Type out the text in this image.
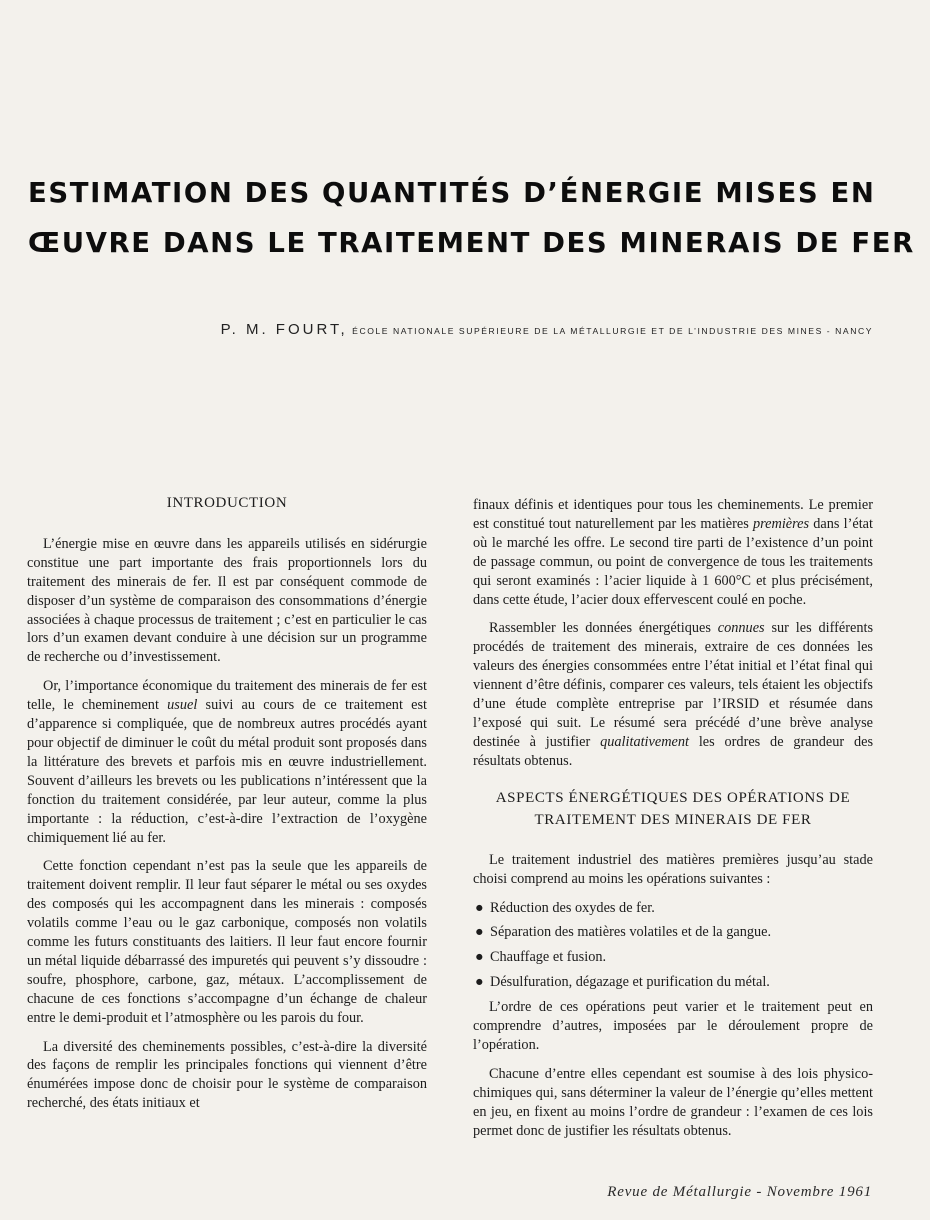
ESTIMATION DES QUANTITÉS D’ÉNERGIE MISES EN
ŒUVRE DANS LE TRAITEMENT DES MINERAIS DE FER
P. M. FOURT, ÉCOLE NATIONALE SUPÉRIEURE DE LA MÉTALLURGIE ET DE L’INDUSTRIE DES MINES - NANCY
INTRODUCTION

L’énergie mise en œuvre dans les appareils utilisés en sidérurgie constitue une part importante des frais proportionnels lors du traitement des minerais de fer. Il est par conséquent commode de disposer d’un système de comparaison des consommations d’énergie associées à chaque processus de traitement ; c’est en particulier le cas lors d’un examen devant conduire à une décision sur un programme de recherche ou d’investissement.

Or, l’importance économique du traitement des minerais de fer est telle, le cheminement usuel suivi au cours de ce traitement est d’apparence si compliquée, que de nombreux autres procédés ayant pour objectif de diminuer le coût du métal produit sont proposés dans la littérature des brevets et parfois mis en œuvre industriellement. Souvent d’ailleurs les brevets ou les publications n’intéressent que la fonction du traitement considérée, par leur auteur, comme la plus importante : la réduction, c’est-à-dire l’extraction de l’oxygène chimiquement lié au fer.

Cette fonction cependant n’est pas la seule que les appareils de traitement doivent remplir. Il leur faut séparer le métal ou ses oxydes des composés qui les accompagnent dans les minerais : composés volatils comme l’eau ou le gaz carbonique, composés non volatils comme les futurs constituants des laitiers. Il leur faut encore fournir un métal liquide débarrassé des impuretés qui peuvent s’y dissoudre : soufre, phosphore, carbone, gaz, métaux. L’accomplissement de chacune de ces fonctions s’accompagne d’un échange de chaleur entre le demi-produit et l’atmosphère ou les parois du four.

La diversité des cheminements possibles, c’est-à-dire la diversité des façons de remplir les principales fonctions qui viennent d’être énumérées impose donc de choisir pour le système de comparaison recherché, des états initiaux et

finaux définis et identiques pour tous les cheminements. Le premier est constitué tout naturellement par les matières premières dans l’état où le marché les offre. Le second tire parti de l’existence d’un point de passage commun, ou point de convergence de tous les traitements qui seront examinés : l’acier liquide à 1 600°C et plus précisément, dans cette étude, l’acier doux effervescent coulé en poche.

Rassembler les données énergétiques connues sur les différents procédés de traitement des minerais, extraire de ces données les valeurs des énergies consommées entre l’état initial et l’état final qui viennent d’être définis, comparer ces valeurs, tels étaient les objectifs d’une étude complète entreprise par l’IRSID et résumée dans l’exposé qui suit. Le résumé sera précédé d’une brève analyse destinée à justifier qualitativement les ordres de grandeur des résultats obtenus.

ASPECTS ÉNERGÉTIQUES DES OPÉRATIONS DE TRAITEMENT DES MINERAIS DE FER

Le traitement industriel des matières premières jusqu’au stade choisi comprend au moins les opérations suivantes :

● Réduction des oxydes de fer.
● Séparation des matières volatiles et de la gangue.
● Chauffage et fusion.
● Désulfuration, dégazage et purification du métal.

L’ordre de ces opérations peut varier et le traitement peut en comprendre d’autres, imposées par le déroulement propre de l’opération.

Chacune d’entre elles cependant est soumise à des lois physico-chimiques qui, sans déterminer la valeur de l’énergie qu’elles mettent en jeu, en fixent au moins l’ordre de grandeur : l’examen de ces lois permet donc de justifier les résultats obtenus.

Revue de Métallurgie - Novembre 1961
